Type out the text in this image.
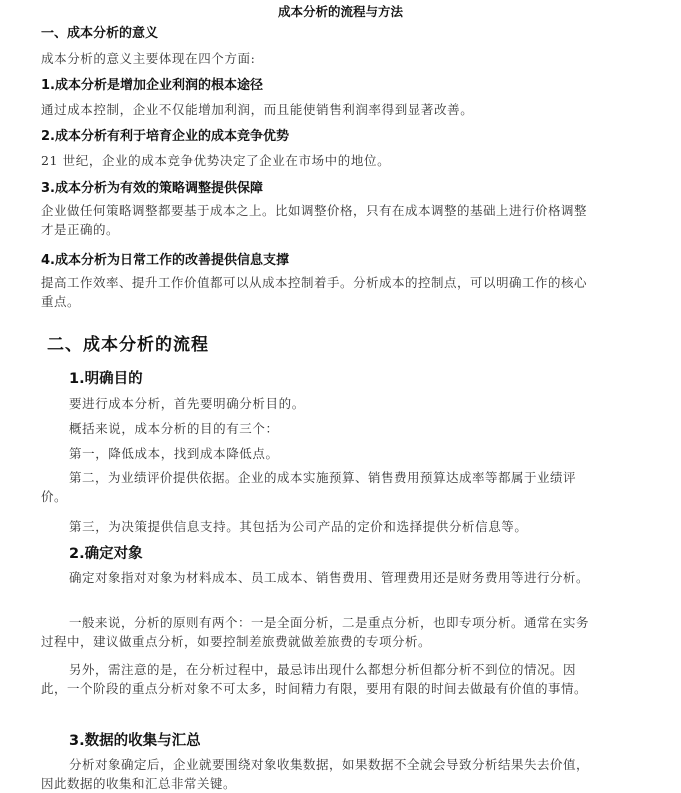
成本分析的流程与方法
一、成本分析的意义
成本分析的意义主要体现在四个方面:
1.成本分析是增加企业利润的根本途径
通过成本控制，企业不仅能增加利润，而且能使销售利润率得到显著改善。
2.成本分析有利于培育企业的成本竞争优势
21 世纪，企业的成本竞争优势决定了企业在市场中的地位。
3.成本分析为有效的策略调整提供保障
企业做任何策略调整都要基于成本之上。比如调整价格，只有在成本调整的基础上进行价格调整才是正确的。
4.成本分析为日常工作的改善提供信息支撑
提高工作效率、提升工作价值都可以从成本控制着手。分析成本的控制点，可以明确工作的核心重点。
二、成本分析的流程
1.明确目的
要进行成本分析，首先要明确分析目的。
概括来说，成本分析的目的有三个：
第一，降低成本，找到成本降低点。
第二，为业绩评价提供依据。企业的成本实施预算、销售费用预算达成率等都属于业绩评价。
第三，为决策提供信息支持。其包括为公司产品的定价和选择提供分析信息等。
2.确定对象
确定对象指对对象为材料成本、员工成本、销售费用、管理费用还是财务费用等进行分析。
一般来说，分析的原则有两个：一是全面分析，二是重点分析，也即专项分析。通常在实务过程中，建议做重点分析，如要控制差旅费就做差旅费的专项分析。
另外，需注意的是，在分析过程中，最忌讳出现什么都想分析但都分析不到位的情况。因此，一个阶段的重点分析对象不可太多，时间精力有限，要用有限的时间去做最有价值的事情。
3.数据的收集与汇总
分析对象确定后，企业就要围绕对象收集数据，如果数据不全就会导致分析结果失去价值，因此数据的收集和汇总非常关键。
